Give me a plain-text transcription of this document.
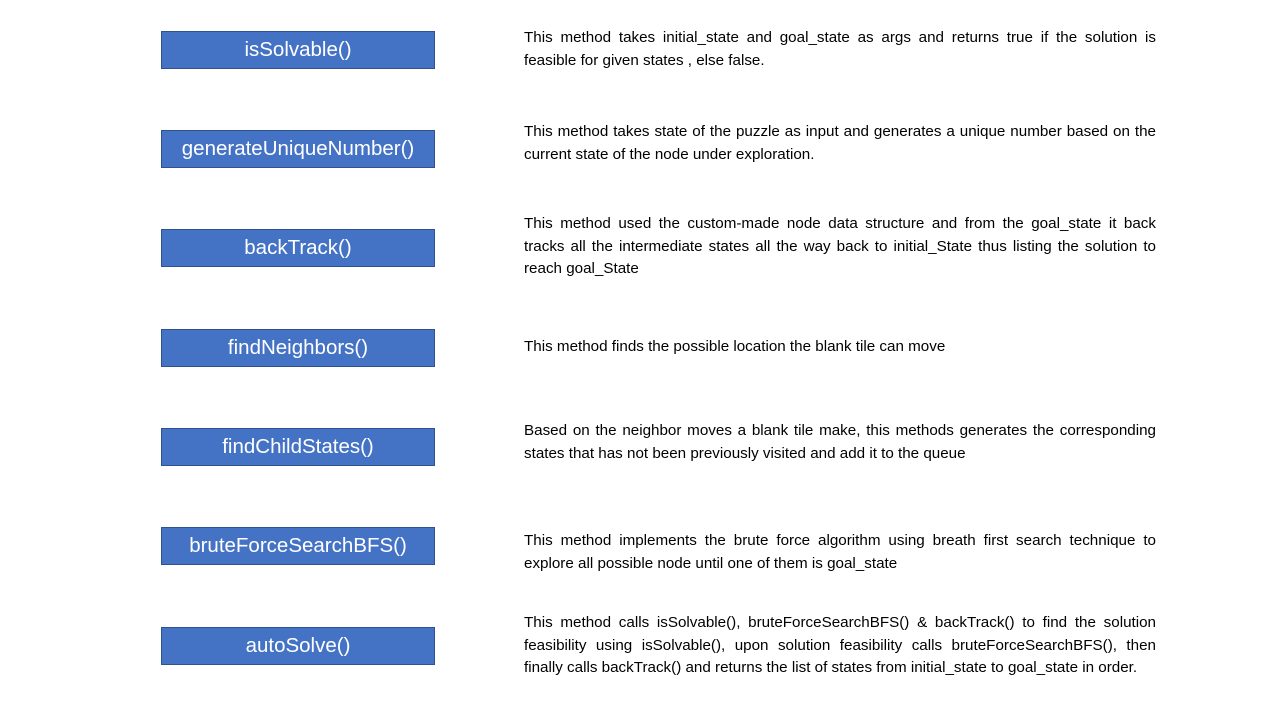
isSolvable()
This method takes initial_state and goal_state as args and returns true if the solution is feasible for given states , else false.
generateUniqueNumber()
This method takes state of the puzzle as input and generates a unique number based on the current state of the node under exploration.
backTrack()
This method used the custom-made node data structure and from the goal_state it back tracks all the intermediate states all the way back to initial_State thus listing the solution to reach goal_State
findNeighbors()	This method finds the possible location the blank tile can move
findChildStates()
Based on the neighbor moves a blank tile make, this methods generates the corresponding states that has not been previously visited and add it to the queue
bruteForceSearchBFS()	This method implements the brute force algorithm using breath first search technique to explore all possible node until one of them is goal_state
autoSolve()
This method calls isSolvable(), bruteForceSearchBFS() & backTrack() to find the solution feasibility using isSolvable(), upon solution feasibility calls bruteForceSearchBFS(), then finally calls backTrack() and returns the list of states from initial_state to goal_state in order.
